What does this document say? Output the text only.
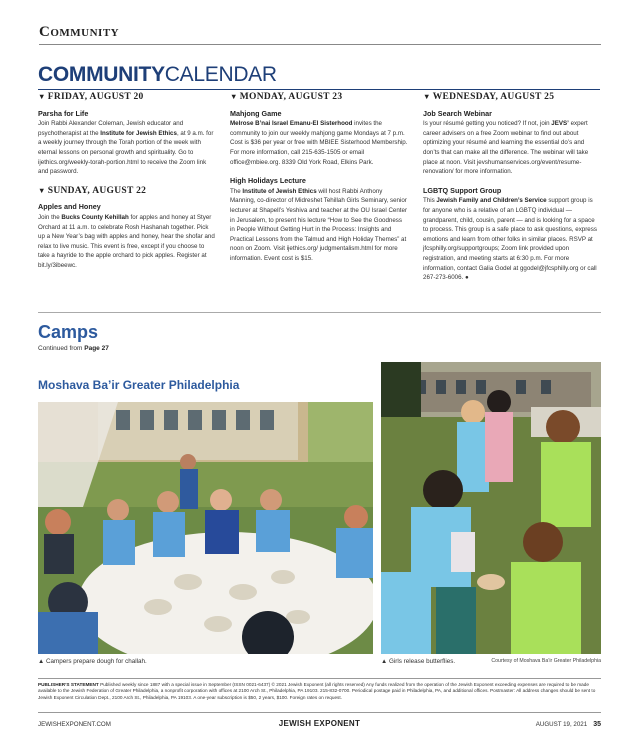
Community
COMMUNITYCALENDAR
▼ FRIDAY, AUGUST 20
Parsha for Life
Join Rabbi Alexander Coleman, Jewish educator and psychotherapist at the Institute for Jewish Ethics, at 9 a.m. for a weekly journey through the Torah portion of the week with eternal lessons on personal growth and spirituality. Go to ijethics.org/weekly-torah-portion.html to receive the Zoom link and password.
▼ SUNDAY, AUGUST 22
Apples and Honey
Join the Bucks County Kehillah for apples and honey at Styer Orchard at 11 a.m. to celebrate Rosh Hashanah together. Pick up a New Year’s bag with apples and honey, hear the shofar and relax to live music. This event is free, except if you choose to take a hayride to the apple orchard to pick apples. Register at bit.ly/3ibeewc.
▼ MONDAY, AUGUST 23
Mahjong Game
Melrose B’nai Israel Emanu-El Sisterhood invites the community to join our weekly mahjong game Mondays at 7 p.m. Cost is $36 per year or free with MBIEE Sisterhood Membership. For more information, call 215-635-1505 or email office@mbiee.org. 8339 Old York Road, Elkins Park.
High Holidays Lecture
The Institute of Jewish Ethics will host Rabbi Anthony Manning, co-director of Midreshet Tehillah Girls Seminary, senior lecturer at Shapell’s Yeshiva and teacher at the OU Israel Center in Jerusalem, to present his lecture “How to See the Goodness in People Without Getting Hurt in the Process: Insights and Practical Lessons from the Talmud and High Holiday Themes” at noon on Zoom. Visit ijethics.org/ judgmentalism.html for more information. Event cost is $15.
▼ WEDNESDAY, AUGUST 25
Job Search Webinar
Is your résumé getting you noticed? If not, join JEVS’ expert career advisers on a free Zoom webinar to find out about optimizing your résumé and learning the essential do’s and don’ts that can make all the difference. The webinar will take place at noon. Visit jevshumanservices.org/event/resume-renovation/ for more information.
LGBTQ Support Group
This Jewish Family and Children’s Service support group is for anyone who is a relative of an LGBTQ individual — grandparent, child, cousin, parent — and is looking for a space to process. This group is a safe place to ask questions, express emotions and learn from other folks in similar places. RSVP at jfcsphilly.org/supportgroups; Zoom link provided upon registration, and meeting starts at 6:30 p.m. For more information, contact Galia Godel at ggodel@jfcsphilly.org or call 267-273-6006. ●
Camps
Continued from Page 27
Moshava Ba’ir Greater Philadelphia
▲ Campers prepare dough for challah.	▲ Girls release butterflies.	Courtesy of Moshava Ba’ir Greater Philadelphia
PUBLISHER’S STATEMENT Published weekly since 1887 with a special issue in September (ISSN 0021-6437) © 2021 Jewish Exponent (all rights reserved) Any funds realized from the operation of the Jewish Exponent exceeding expenses are required to be made available to the Jewish Federation of Greater Philadelphia, a nonprofit corporation with offices at 2100 Arch St., Philadelphia, PA 19103. 215-832-0700. Periodical postage paid in Philadelphia, PA, and additional offices. Postmaster: All address changes should be sent to Jewish Exponent Circulation Dept., 2100 Arch St., Philadelphia, PA 19103. A one-year subscription is $50, 2 years, $100. Foreign rates on request.
JEWISHEXPONENT.COM	JEWISH EXPONENT	AUGUST 19, 2021 35
